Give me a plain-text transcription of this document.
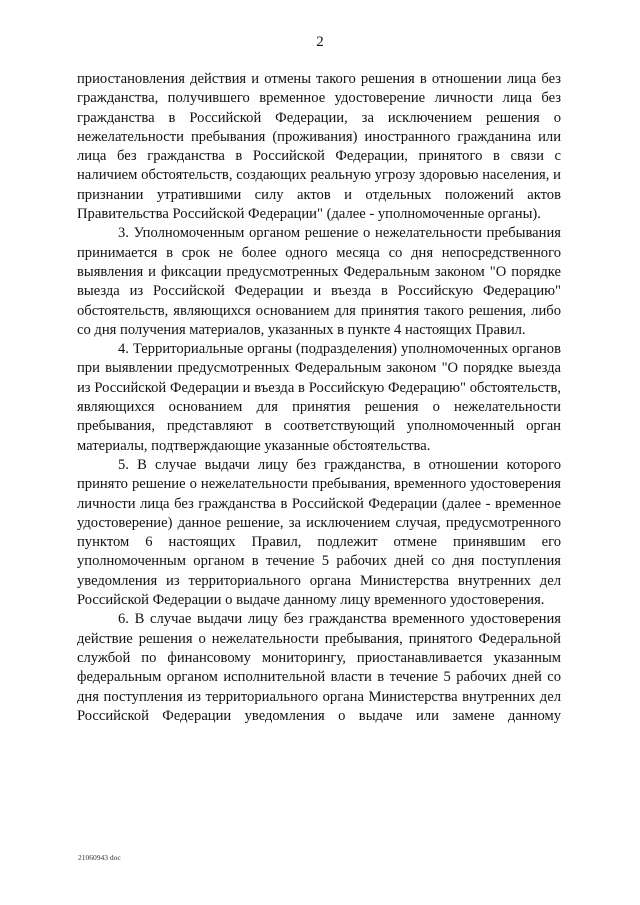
2

приостановления действия и отмены такого решения в отношении лица без гражданства, получившего временное удостоверение личности лица без гражданства в Российской Федерации, за исключением решения о нежелательности пребывания (проживания) иностранного гражданина или лица без гражданства в Российской Федерации, принятого в связи с наличием обстоятельств, создающих реальную угрозу здоровью населения, и признании утратившими силу актов и отдельных положений актов Правительства Российской Федерации" (далее - уполномоченные органы).

3. Уполномоченным органом решение о нежелательности пребывания принимается в срок не более одного месяца со дня непосредственного выявления и фиксации предусмотренных Федеральным законом "О порядке выезда из Российской Федерации и въезда в Российскую Федерацию" обстоятельств, являющихся основанием для принятия такого решения, либо со дня получения материалов, указанных в пункте 4 настоящих Правил.

4. Территориальные органы (подразделения) уполномоченных органов при выявлении предусмотренных Федеральным законом "О порядке выезда из Российской Федерации и въезда в Российскую Федерацию" обстоятельств, являющихся основанием для принятия решения о нежелательности пребывания, представляют в соответствующий уполномоченный орган материалы, подтверждающие указанные обстоятельства.

5. В случае выдачи лицу без гражданства, в отношении которого принято решение о нежелательности пребывания, временного удостоверения личности лица без гражданства в Российской Федерации (далее - временное удостоверение) данное решение, за исключением случая, предусмотренного пунктом 6 настоящих Правил, подлежит отмене принявшим его уполномоченным органом в течение 5 рабочих дней со дня поступления уведомления из территориального органа Министерства внутренних дел Российской Федерации о выдаче данному лицу временного удостоверения.

6. В случае выдачи лицу без гражданства временного удостоверения действие решения о нежелательности пребывания, принятого Федеральной службой по финансовому мониторингу, приостанавливается указанным федеральным органом исполнительной власти в течение 5 рабочих дней со дня поступления из территориального органа Министерства внутренних дел Российской Федерации уведомления о выдаче или замене данному

21060943 doc
